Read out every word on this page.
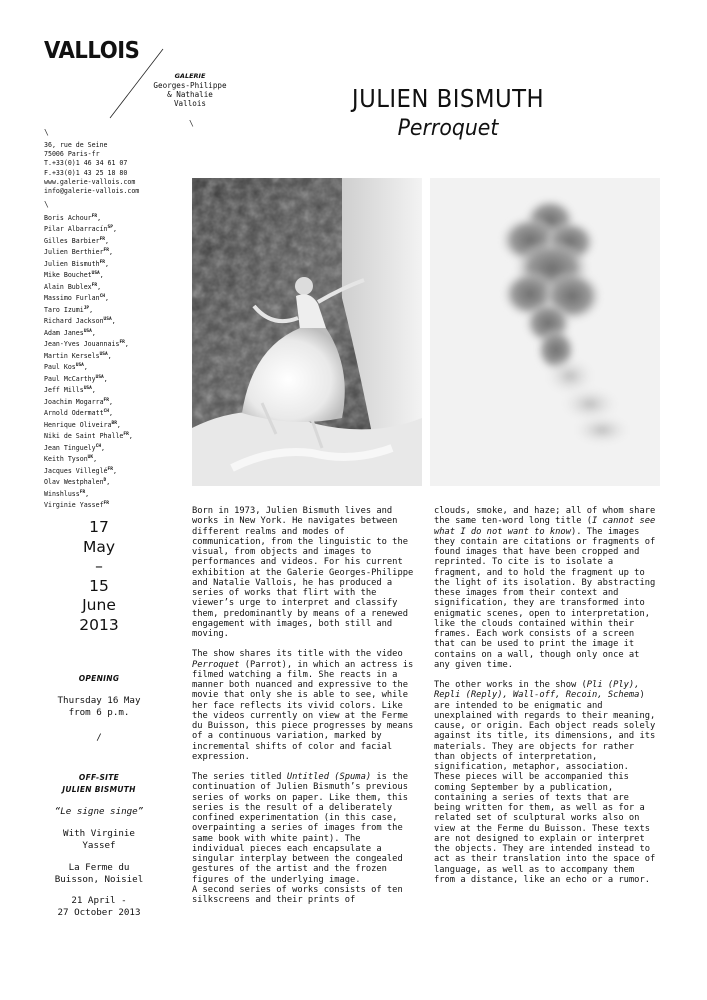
VALLOIS
GALERIE
Georges-Philippe
& Nathalie
Vallois
\
\
36, rue de Seine
75006 Paris-fr
T.+33(0)1 46 34 61 07
F.+33(0)1 43 25 18 80
www.galerie-vallois.com
info@galerie-vallois.com
\
Boris Achour$^{FR}$,
Pilar Albarracín$^{SP}$,
Gilles Barbier$^{FR}$,
Julien Berthier$^{FR}$,
Julien Bismuth$^{FR}$,
Mike Bouchet$^{USA}$,
Alain Bublex$^{FR}$,
Massimo Furlan$^{CH}$,
Taro Izumi$^{JP}$,
Richard Jackson$^{USA}$,
Adam Janes$^{USA}$,
Jean-Yves Jouannais$^{FR}$,
Martin Kersels$^{USA}$,
Paul Kos$^{USA}$,
Paul McCarthy$^{USA}$,
Jeff Mills$^{USA}$,
Joachim Mogarra$^{FR}$,
Arnold Odermatt$^{CH}$,
Henrique Oliveira$^{BR}$,
Niki de Saint Phalle$^{FR}$,
Jean Tinguely$^{CH}$,
Keith Tyson$^{UK}$,
Jacques Villeglé$^{FR}$,
Olav Westphalen$^D$,
Winshluss$^{FR}$,
Virginie Yassef$^{FR}$
JULIEN BISMUTH
Perroquet
17
May
–
15
June
2013
OPENING
Thursday 16 May
from 6 p.m.
/
OFF-SITE
JULIEN BISMUTH
“Le signe singe”
With Virginie
Yassef
La Ferme du
Buisson, Noisiel
21 April -
27 October 2013

Born in 1973, Julien Bismuth lives and works in New York. He navigates between different realms and modes of communication, from the linguistic to the visual, from objects and images to performances and videos. For his current exhibition at the Galerie Georges-Philippe and Natalie Vallois, he has produced a series of works that flirt with the viewer’s urge to interpret and classify them, predominantly by means of a renewed engagement with images, both still and moving.

The show shares its title with the video Perroquet (Parrot), in which an actress is filmed watching a film. She reacts in a manner both nuanced and expressive to the movie that only she is able to see, while her face reflects its vivid colors. Like the videos currently on view at the Ferme du Buisson, this piece progresses by means of a continuous variation, marked by incremental shifts of color and facial expression.

The series titled Untitled (Spuma) is the continuation of Julien Bismuth’s previous series of works on paper. Like them, this series is the result of a deliberately confined experimentation (in this case, overpainting a series of images from the same book with white paint). The individual pieces each encapsulate a singular interplay between the congealed gestures of the artist and the frozen figures of the underlying image.

A second series of works consists of ten silkscreens and their prints of

clouds, smoke, and haze; all of whom share the same ten-word long title (I cannot see what I do not want to know). The images they contain are citations or fragments of found images that have been cropped and reprinted. To cite is to isolate a fragment, and to hold the fragment up to the light of its isolation. By abstracting these images from their context and signification, they are transformed into enigmatic scenes, open to interpretation, like the clouds contained within their frames. Each work consists of a screen that can be used to print the image it contains on a wall, though only once at any given time.

The other works in the show (Pli (Ply), Repli (Reply), Wall-off, Recoin, Schema) are intended to be enigmatic and unexplained with regards to their meaning, cause, or origin. Each object reads solely against its title, its dimensions, and its materials. They are objects for rather than objects of interpretation, signification, metaphor, association. These pieces will be accompanied this coming September by a publication, containing a series of texts that are being written for them, as well as for a related set of sculptural works also on view at the Ferme du Buisson. These texts are not designed to explain or interpret the objects. They are intended instead to act as their translation into the space of language, as well as to accompany them from a distance, like an echo or a rumor.
